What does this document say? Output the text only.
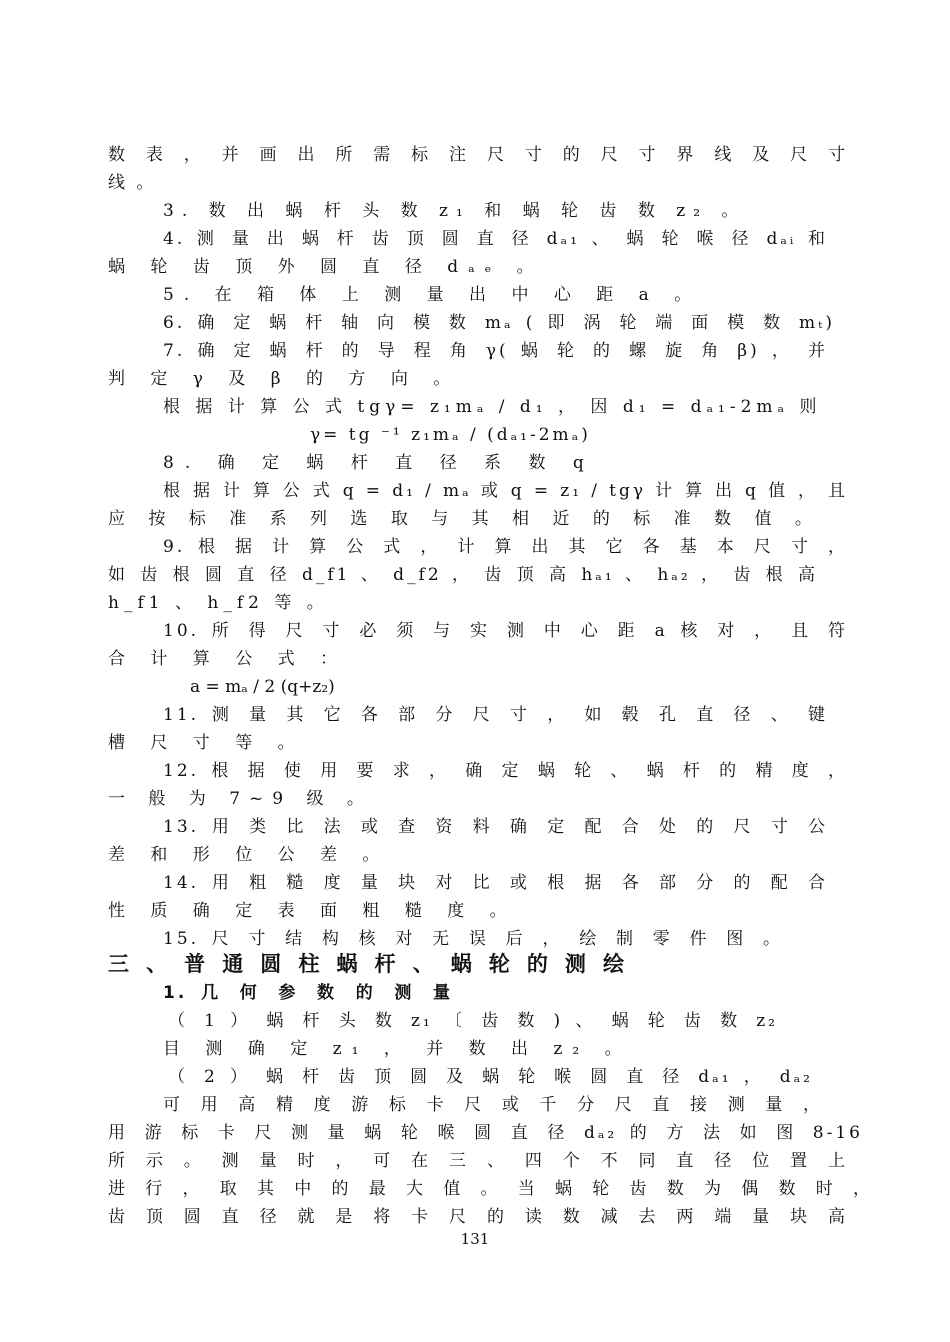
数 表 ， 并 画 出 所 需 标 注 尺 寸 的 尺 寸 界 线 及 尺 寸
线 。
3. 数 出 蜗 杆 头 数 z₁ 和 蜗 轮 齿 数 z₂ 。
4. 测 量 出 蜗 杆 齿 顶 圆 直 径 dₐ₁ 、 蜗 轮 喉 径 dₐᵢ 和
蜗 轮 齿 顶 外 圆 直 径 dₐₑ 。
5. 在 箱 体 上 测 量 出 中 心 距 a 。
6. 确 定 蜗 杆 轴 向 模 数 mₐ ( 即 涡 轮 端 面 模 数 mₜ)
7. 确 定 蜗 杆 的 导 程 角 γ( 蜗 轮 的 螺 旋 角 β) ， 并
判 定 γ 及 β 的 方 向 。
根 据 计 算 公 式 tgγ= z₁mₐ / d₁ ， 因 d₁ = dₐ₁-2mₐ 则
γ= tg ⁻¹ z₁mₐ / (dₐ₁-2mₐ)
8. 确 定 蜗 杆 直 径 系 数 q
根 据 计 算 公 式 q = d₁ / mₐ 或 q = z₁ / tgγ 计 算 出 q 值 ， 且
应 按 标 准 系 列 选 取 与 其 相 近 的 标 准 数 值 。
9. 根 据 计 算 公 式 ， 计 算 出 其 它 各 基 本 尺 寸 ，
如 齿 根 圆 直 径 d_f1 、 d_f2 ， 齿 顶 高 hₐ₁ 、 hₐ₂ ， 齿 根 高
h_f1 、 h_f2 等 。
10. 所 得 尺 寸 必 须 与 实 测 中 心 距 a 核 对 ， 且 符
合 计 算 公 式 ：
a = mₐ / 2 (q+z₂)
11. 测 量 其 它 各 部 分 尺 寸 ， 如 毂 孔 直 径 、 键
槽 尺 寸 等 。
12. 根 据 使 用 要 求 ， 确 定 蜗 轮 、 蜗 杆 的 精 度 ，
一 般 为 7~9 级 。
13. 用 类 比 法 或 查 资 料 确 定 配 合 处 的 尺 寸 公
差 和 形 位 公 差 。
14. 用 粗 糙 度 量 块 对 比 或 根 据 各 部 分 的 配 合
性 质 确 定 表 面 粗 糙 度 。
15. 尺 寸 结 构 核 对 无 误 后 ， 绘 制 零 件 图 。
三 、 普 通 圆 柱 蜗 杆 、 蜗 轮 的 测 绘
1. 几 何 参 数 的 测 量
（ 1 ） 蜗 杆 头 数 z₁ 〔 齿 数 ) 、 蜗 轮 齿 数 z₂
目 测 确 定 z₁ ， 并 数 出 z₂ 。
（ 2 ） 蜗 杆 齿 顶 圆 及 蜗 轮 喉 圆 直 径 dₐ₁ ， dₐ₂
可 用 高 精 度 游 标 卡 尺 或 千 分 尺 直 接 测 量 ，
用 游 标 卡 尺 测 量 蜗 轮 喉 圆 直 径 dₐ₂ 的 方 法 如 图 8-16
所 示 。 测 量 时 ， 可 在 三 、 四 个 不 同 直 径 位 置 上
进 行 ， 取 其 中 的 最 大 值 。 当 蜗 轮 齿 数 为 偶 数 时 ，
齿 顶 圆 直 径 就 是 将 卡 尺 的 读 数 减 去 两 端 量 块 高
131
